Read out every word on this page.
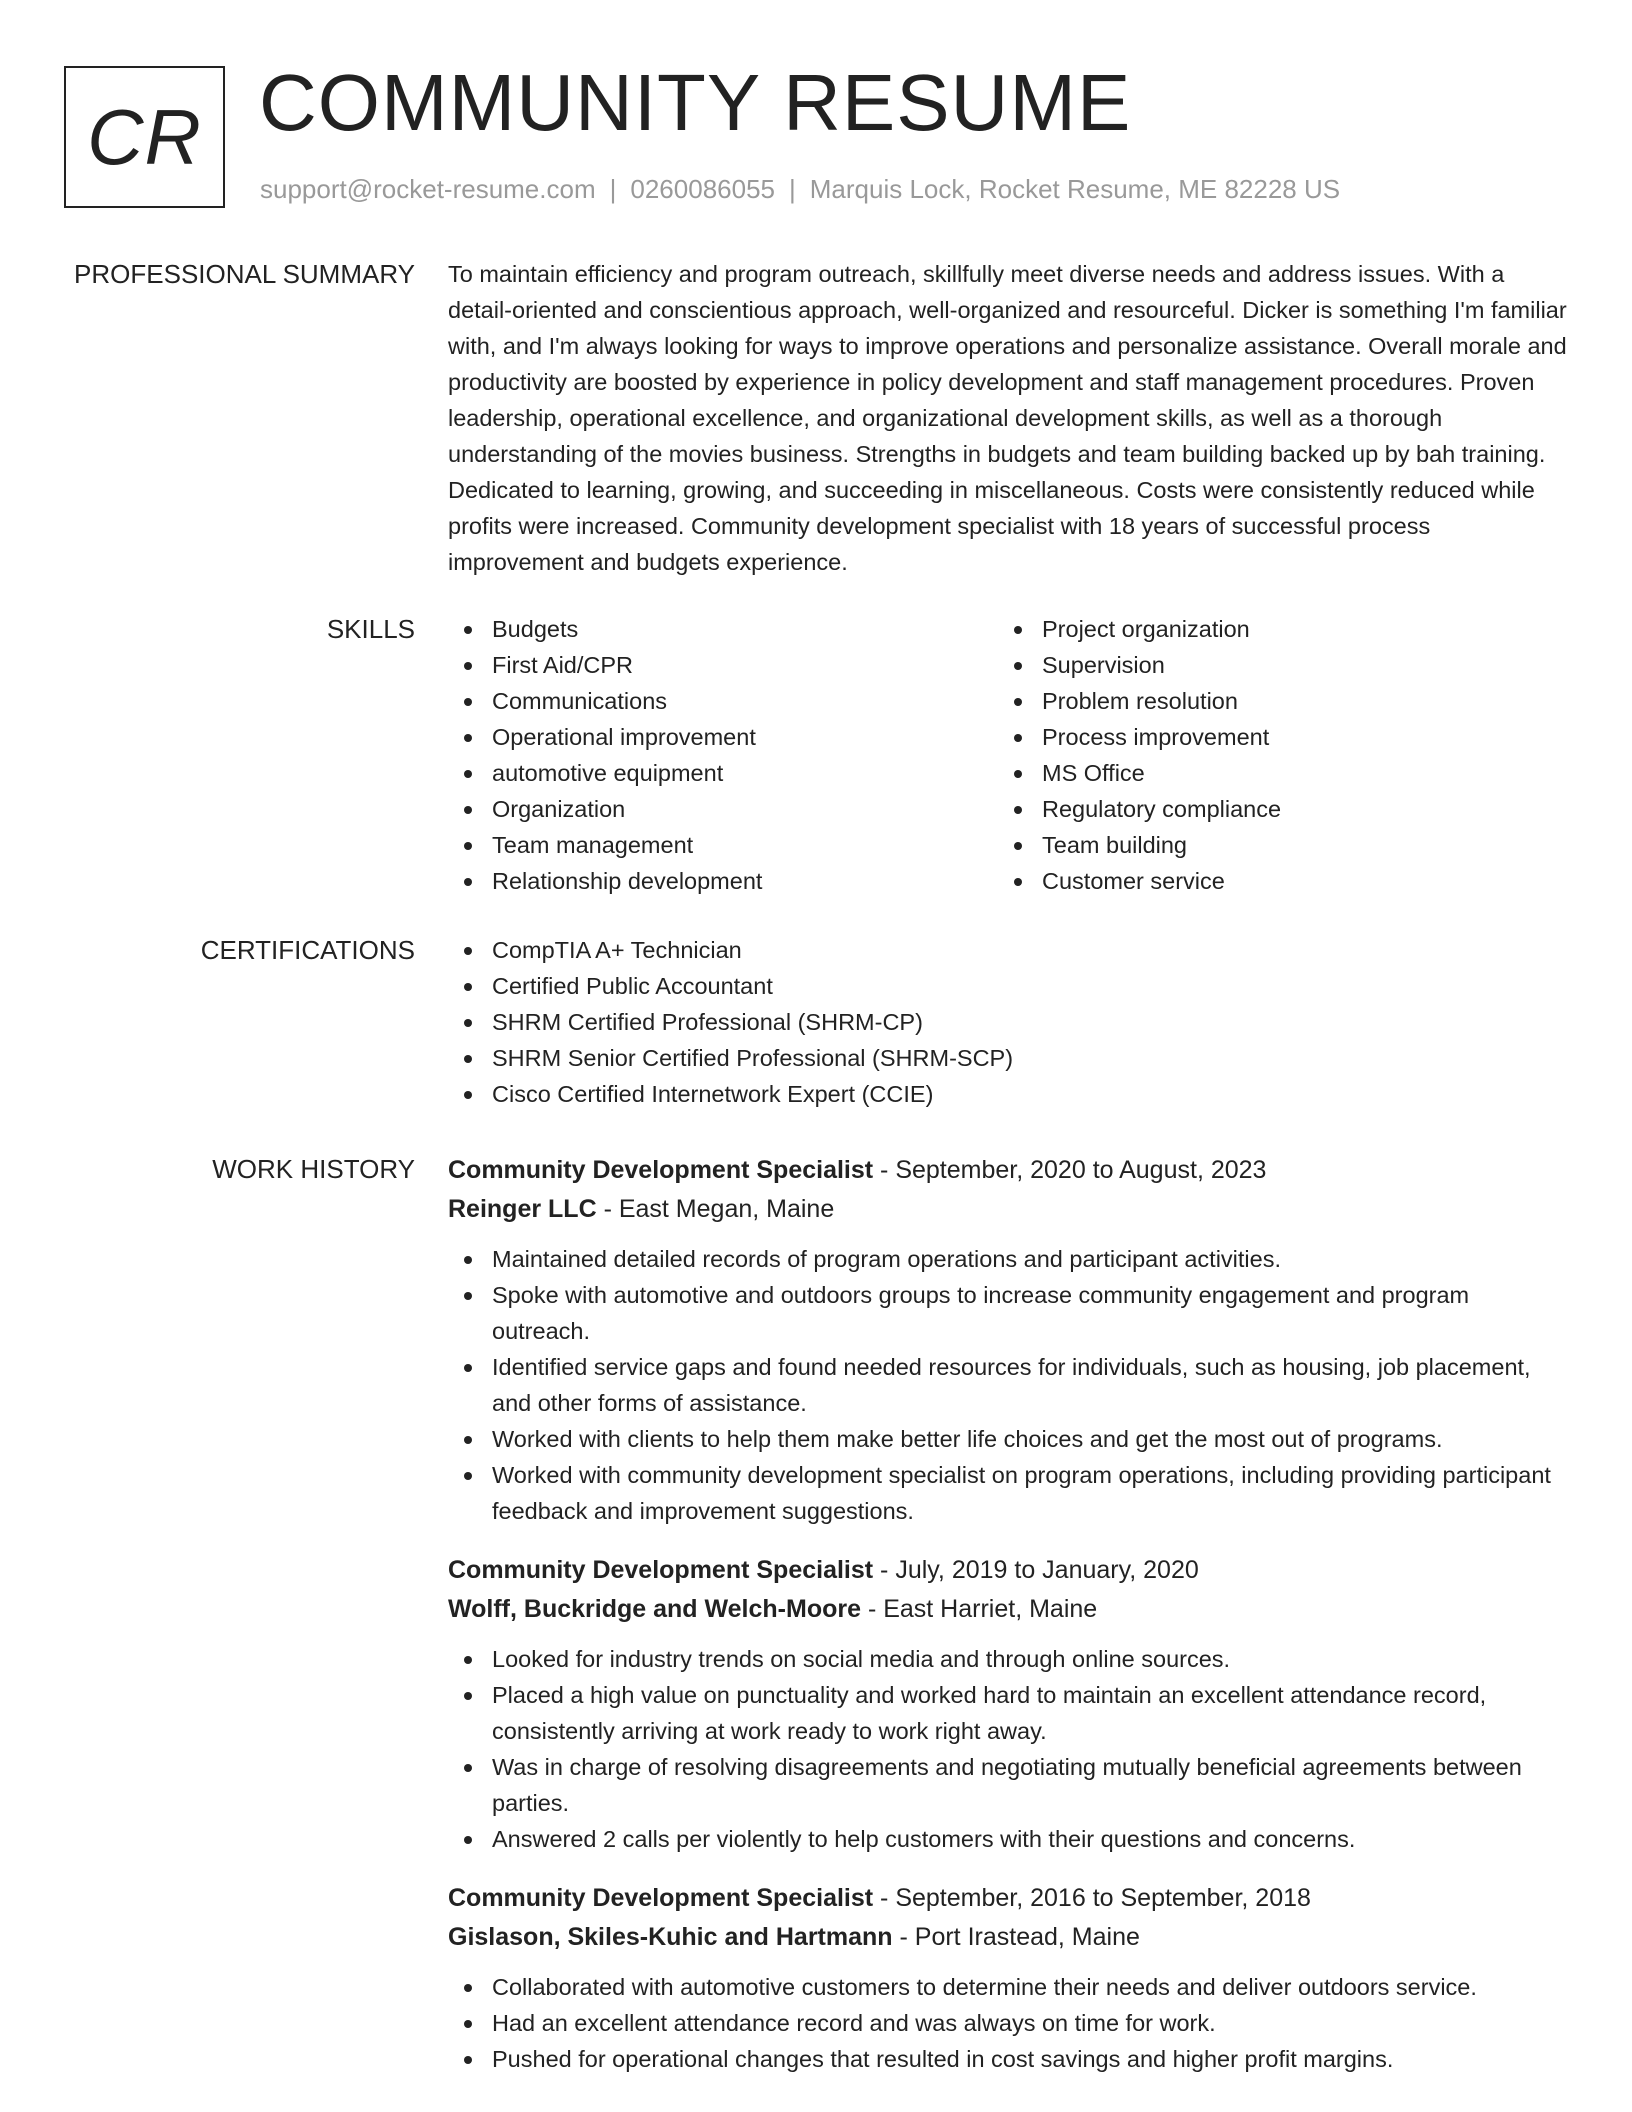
CR COMMUNITY RESUME
support@rocket-resume.com | 0260086055 | Marquis Lock, Rocket Resume, ME 82228 US
PROFESSIONAL SUMMARY To maintain efficiency and program outreach, skillfully meet diverse needs and address issues. With a detail-oriented and conscientious approach, well-organized and resourceful. Dicker is something I'm familiar with, and I'm always looking for ways to improve operations and personalize assistance. Overall morale and productivity are boosted by experience in policy development and staff management procedures. Proven leadership, operational excellence, and organizational development skills, as well as a thorough understanding of the movies business. Strengths in budgets and team building backed up by bah training. Dedicated to learning, growing, and succeeding in miscellaneous. Costs were consistently reduced while profits were increased. Community development specialist with 18 years of successful process improvement and budgets experience.

SKILLS	Budgets
First Aid/CPR
Communications
Operational improvement
automotive equipment
Organization
Team management
Relationship development
Project organization
Supervision
Problem resolution
Process improvement
MS Office
Regulatory compliance
Team building
Customer service
CERTIFICATIONS	CompTIA A+ Technician
Certified Public Accountant
SHRM Certified Professional (SHRM-CP)
SHRM Senior Certified Professional (SHRM-SCP)
Cisco Certified Internetwork Expert (CCIE)
WORK HISTORY Community Development Specialist - September, 2020 to August, 2023
Reinger LLC - East Megan, Maine
Maintained detailed records of program operations and participant activities.
Spoke with automotive and outdoors groups to increase community engagement and program outreach.
Identified service gaps and found needed resources for individuals, such as housing, job placement, and other forms of assistance.
Worked with clients to help them make better life choices and get the most out of programs.
Worked with community development specialist on program operations, including providing participant feedback and improvement suggestions.
Community Development Specialist - July, 2019 to January, 2020
Wolff, Buckridge and Welch-Moore - East Harriet, Maine
Looked for industry trends on social media and through online sources.
Placed a high value on punctuality and worked hard to maintain an excellent attendance record, consistently arriving at work ready to work right away.
Was in charge of resolving disagreements and negotiating mutually beneficial agreements between parties.
Answered 2 calls per violently to help customers with their questions and concerns.
Community Development Specialist - September, 2016 to September, 2018
Gislason, Skiles-Kuhic and Hartmann - Port Irastead, Maine
Collaborated with automotive customers to determine their needs and deliver outdoors service.
Had an excellent attendance record and was always on time for work.
Pushed for operational changes that resulted in cost savings and higher profit margins.
